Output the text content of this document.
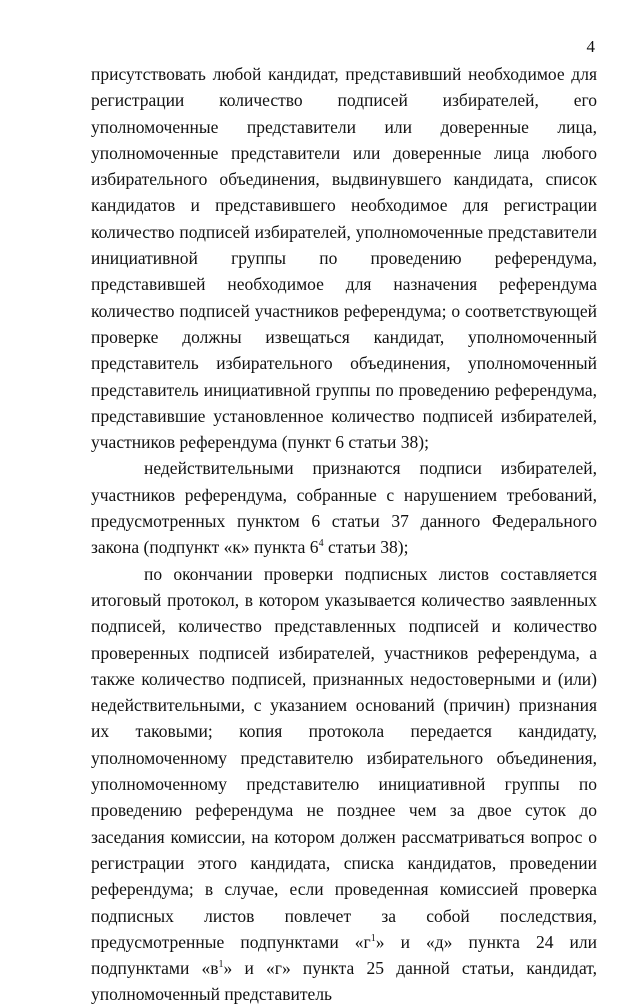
4

присутствовать любой кандидат, представивший необходимое для регистрации количество подписей избирателей, его уполномоченные представители или доверенные лица, уполномоченные представители или доверенные лица любого избирательного объединения, выдвинувшего кандидата, список кандидатов и представившего необходимое для регистрации количество подписей избирателей, уполномоченные представители инициативной группы по проведению референдума, представившей необходимое для назначения референдума количество подписей участников референдума; о соответствующей проверке должны извещаться кандидат, уполномоченный представитель избирательного объединения, уполномоченный представитель инициативной группы по проведению референдума, представившие установленное количество подписей избирателей, участников референдума (пункт 6 статьи 38);

недействительными признаются подписи избирателей, участников референдума, собранные с нарушением требований, предусмотренных пунктом 6 статьи 37 данного Федерального закона (подпункт «к» пункта $6^4$ статьи 38);

по окончании проверки подписных листов составляется итоговый протокол, в котором указывается количество заявленных подписей, количество представленных подписей и количество проверенных подписей избирателей, участников референдума, а также количество подписей, признанных недостоверными и (или) недействительными, с указанием оснований (причин) признания их таковыми; копия протокола передается кандидату, уполномоченному представителю избирательного объединения, уполномоченному представителю инициативной группы по проведению референдума не позднее чем за двое суток до заседания комиссии, на котором должен рассматриваться вопрос о регистрации этого кандидата, списка кандидатов, проведении референдума; в случае, если проведенная комиссией проверка подписных листов повлечет за собой последствия, предусмотренные подпунктами «$г^1$» и «д» пункта 24 или подпунктами «$в^1$» и «г» пункта 25 данной статьи, кандидат, уполномоченный представитель
